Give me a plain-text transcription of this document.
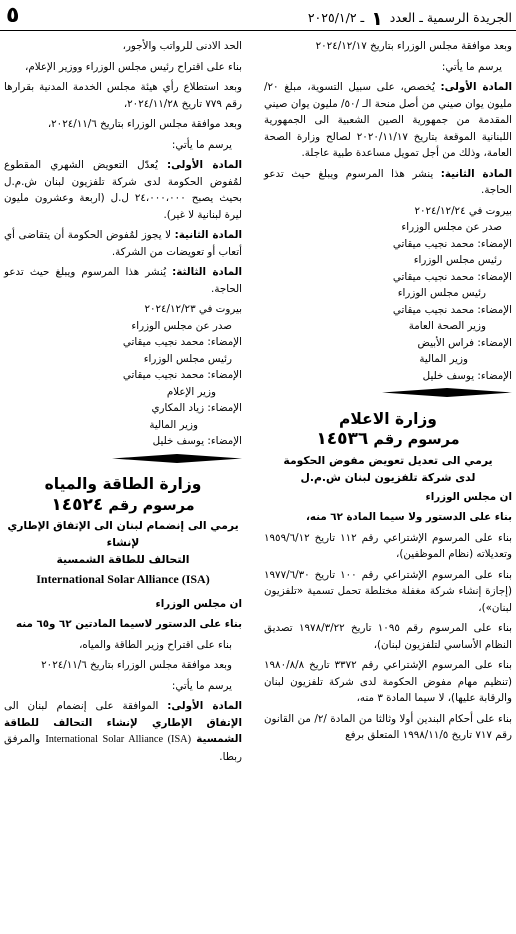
الجريدة الرسمية ـ العدد ١ ـ ٢٠٢٥/١/٢
٥

وبعد موافقة مجلس الوزراء بتاريخ ٢٠٢٤/١٢/١٧

يرسم ما يأتي:

المادة الأولى: يُخصص، على سبيل التسوية، مبلغ ٢٠/ مليون يوان صيني من أصل منحة الـ /٥٠/ مليون يوان صيني المقدمة من جمهورية الصين الشعبية الى الجمهورية اللبنانية الموقعة بتاريخ ٢٠٢٠/١١/١٧ لصالح وزارة الصحة العامة، وذلك من أجل تمويل مساعدة طبية عاجلة.

المادة الثانية: ينشر هذا المرسوم ويبلغ حيث تدعو الحاجة.

بيروت في ٢٠٢٤/١٢/٢٤

صدر عن مجلس الوزراء

الإمضاء: محمد نجيب ميقاتي

رئيس مجلس الوزراء

الإمضاء: محمد نجيب ميقاتي

رئيس مجلس الوزراء

الإمضاء: محمد نجيب ميقاتي

وزير الصحة العامة

الإمضاء: فراس الأبيض

وزير المالية

الإمضاء: يوسف خليل

وزارة الاعلام
مرسوم رقم ١٤٥٣٦
يرمي الى تعديل تعويض مفوض الحكومة
لدى شركة تلفزيون لبنان ش.م.ل

ان مجلس الوزراء

بناء على الدستور ولا سيما المادة ٦٢ منه،

بناء على المرسوم الإشتراعي رقم ١١٢ تاريخ ١٩٥٩/٦/١٢ وتعديلاته (نظام الموظفين)،

بناء على المرسوم الإشتراعي رقم ١٠٠ تاريخ ١٩٧٧/٦/٣٠ (إجازة إنشاء شركة مغفلة مختلطة تحمل تسمية «تلفزيون لبنان»)،

بناء على المرسوم رقم ١٠٩٥ تاريخ ١٩٧٨/٣/٢٢ تصديق النظام الأساسي لتلفزيون لبنان)،

بناء على المرسوم الإشتراعي رقم ٣٣٧٢ تاريخ ١٩٨٠/٨/٨ (تنظيم مهام مفوض الحكومة لدى شركة تلفزيون لبنان والرقابة عليها)، لا سيما المادة ٣ منه،

بناء على أحكام البندين أولا وثالثا من المادة /٢/ من القانون رقم ٧١٧ تاريخ ١٩٩٨/١١/٥ المتعلق برفع

الحد الادنى للرواتب والأجور،

بناء على اقتراح رئيس مجلس الوزراء ووزير الإعلام،

وبعد استطلاع رأي هيئة مجلس الخدمة المدنية بقرارها رقم ٧٧٩ تاريخ ٢٠٢٤/١١/٢٨،

وبعد موافقة مجلس الوزراء بتاريخ ٢٠٢٤/١١/٦،

يرسم ما يأتي:

المادة الأولى: يُعدّل التعويض الشهري المقطوع لمُفوض الحكومة لدى شركة تلفزيون لبنان ش.م.ل بحيث يصبح ٢٤،٠٠٠،٠٠٠ ل.ل (اربعة وعشرون مليون ليرة لبنانية لا غير).

المادة الثانية: لا يجوز لمُفوض الحكومة أن يتقاضى أي أتعاب أو تعويضات من الشركة.

المادة الثالثة: يُنشر هذا المرسوم ويبلغ حيث تدعو الحاجة.

بيروت في ٢٠٢٤/١٢/٢٣

صدر عن مجلس الوزراء

الإمضاء: محمد نجيب ميقاتي

رئيس مجلس الوزراء

الإمضاء: محمد نجيب ميقاتي

وزير الإعلام

الإمضاء: زياد المكاري

وزير المالية

الإمضاء: يوسف خليل

وزارة الطاقة والمياه
مرسوم رقم ١٤٥٢٤
يرمي الى إنضمام لبنان الى الإتفاق الإطاري لإنشاء
التحالف للطاقة الشمسية
International Solar Alliance (ISA)

ان مجلس الوزراء

بناء على الدستور لاسيما المادتين ٦٢ و٦٥ منه

بناء على اقتراح وزير الطاقة والمياه،

وبعد موافقة مجلس الوزراء بتاريخ ٢٠٢٤/١١/٦

يرسم ما يأتي:

المادة الأولى: الموافقة على إنضمام لبنان الى الإتفاق الإطاري لإنشاء التحالف للطاقة الشمسية International Solar Alliance (ISA) والمرفق ربطا.
